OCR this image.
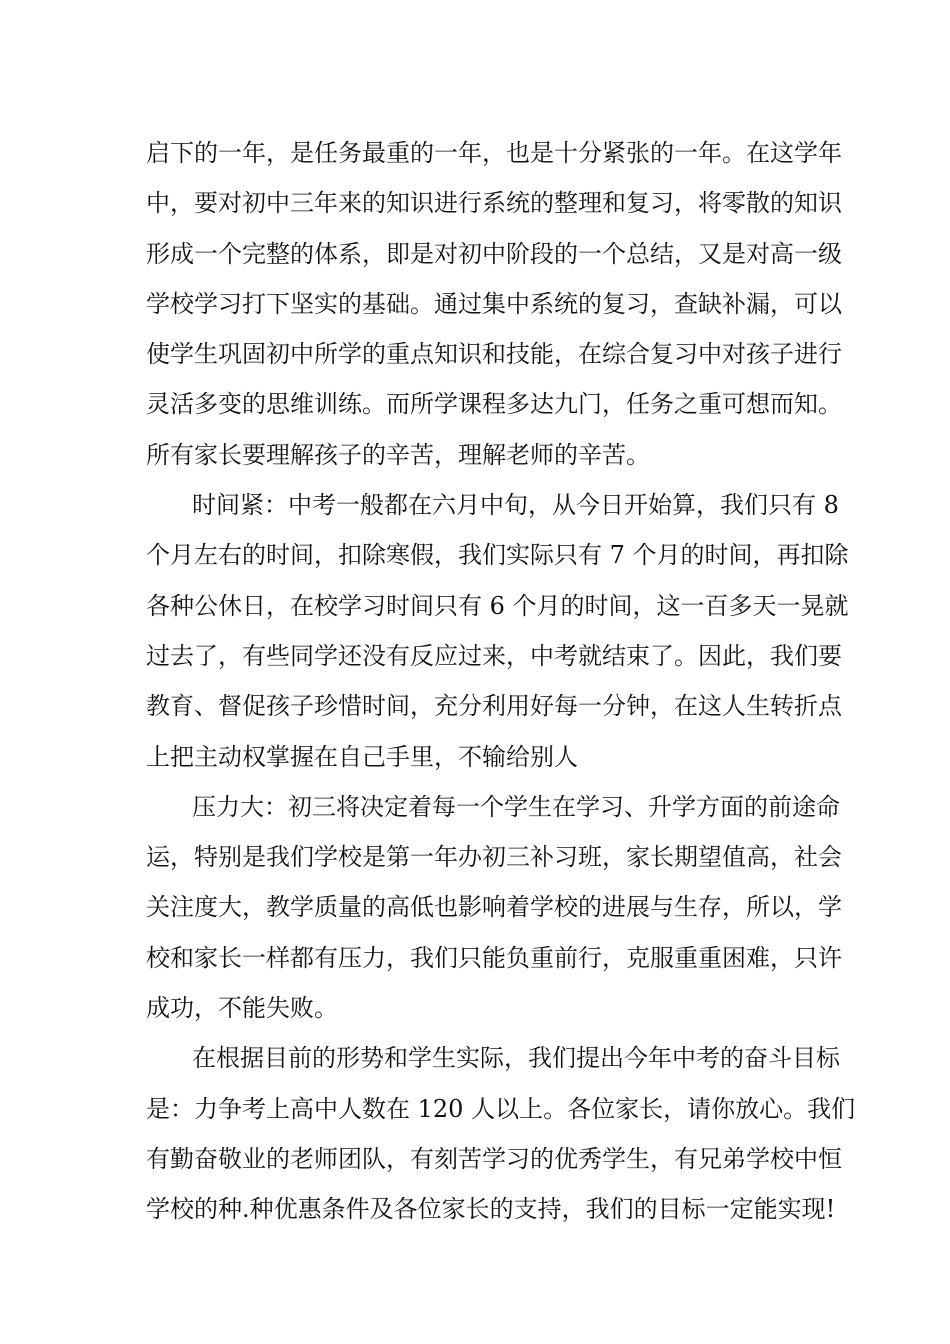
启下的一年，是任务最重的一年，也是十分紧张的一年。在这学年
中，要对初中三年来的知识进行系统的整理和复习，将零散的知识
形成一个完整的体系，即是对初中阶段的一个总结，又是对高一级
学校学习打下坚实的基础。通过集中系统的复习，查缺补漏，可以
使学生巩固初中所学的重点知识和技能，在综合复习中对孩子进行
灵活多变的思维训练。而所学课程多达九门，任务之重可想而知。
所有家长要理解孩子的辛苦，理解老师的辛苦。
时间紧：中考一般都在六月中旬，从今日开始算，我们只有 8
个月左右的时间，扣除寒假，我们实际只有 7 个月的时间，再扣除
各种公休日，在校学习时间只有 6 个月的时间，这一百多天一晃就
过去了，有些同学还没有反应过来，中考就结束了。因此，我们要
教育、督促孩子珍惜时间，充分利用好每一分钟，在这人生转折点
上把主动权掌握在自己手里，不输给别人
压力大：初三将决定着每一个学生在学习、升学方面的前途命
运，特别是我们学校是第一年办初三补习班，家长期望值高，社会
关注度大，教学质量的高低也影响着学校的进展与生存，所以，学
校和家长一样都有压力，我们只能负重前行，克服重重困难，只许
成功，不能失败。
在根据目前的形势和学生实际，我们提出今年中考的奋斗目标
是：力争考上高中人数在 120 人以上。各位家长，请你放心。我们
有勤奋敬业的老师团队，有刻苦学习的优秀学生，有兄弟学校中恒
学校的种.种优惠条件及各位家长的支持，我们的目标一定能实现!
